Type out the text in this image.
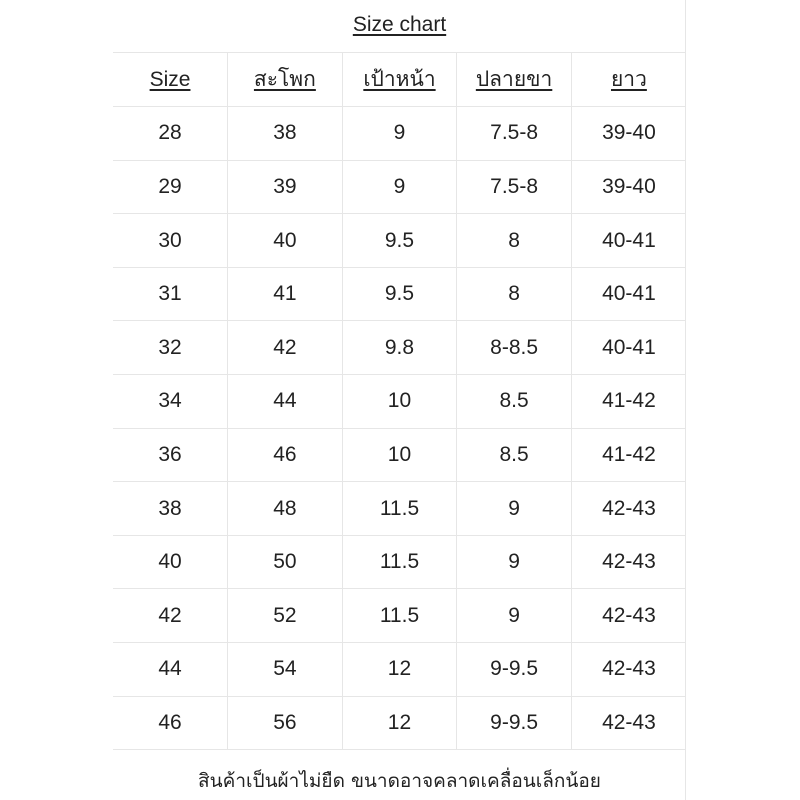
Size chart
Size	สะโพก	เป้าหน้า	ปลายขา	ยาว
28	38	9	7.5-8	39-40
29	39	9	7.5-8	39-40
30	40	9.5	8	40-41
31	41	9.5	8	40-41
32	42	9.8	8-8.5	40-41
34	44	10	8.5	41-42
36	46	10	8.5	41-42
38	48	11.5	9	42-43
40	50	11.5	9	42-43
42	52	11.5	9	42-43
44	54	12	9-9.5	42-43
46	56	12	9-9.5	42-43
สินค้าเป็นผ้าไม่ยืด ขนาดอาจคลาดเคลื่อนเล็กน้อย
